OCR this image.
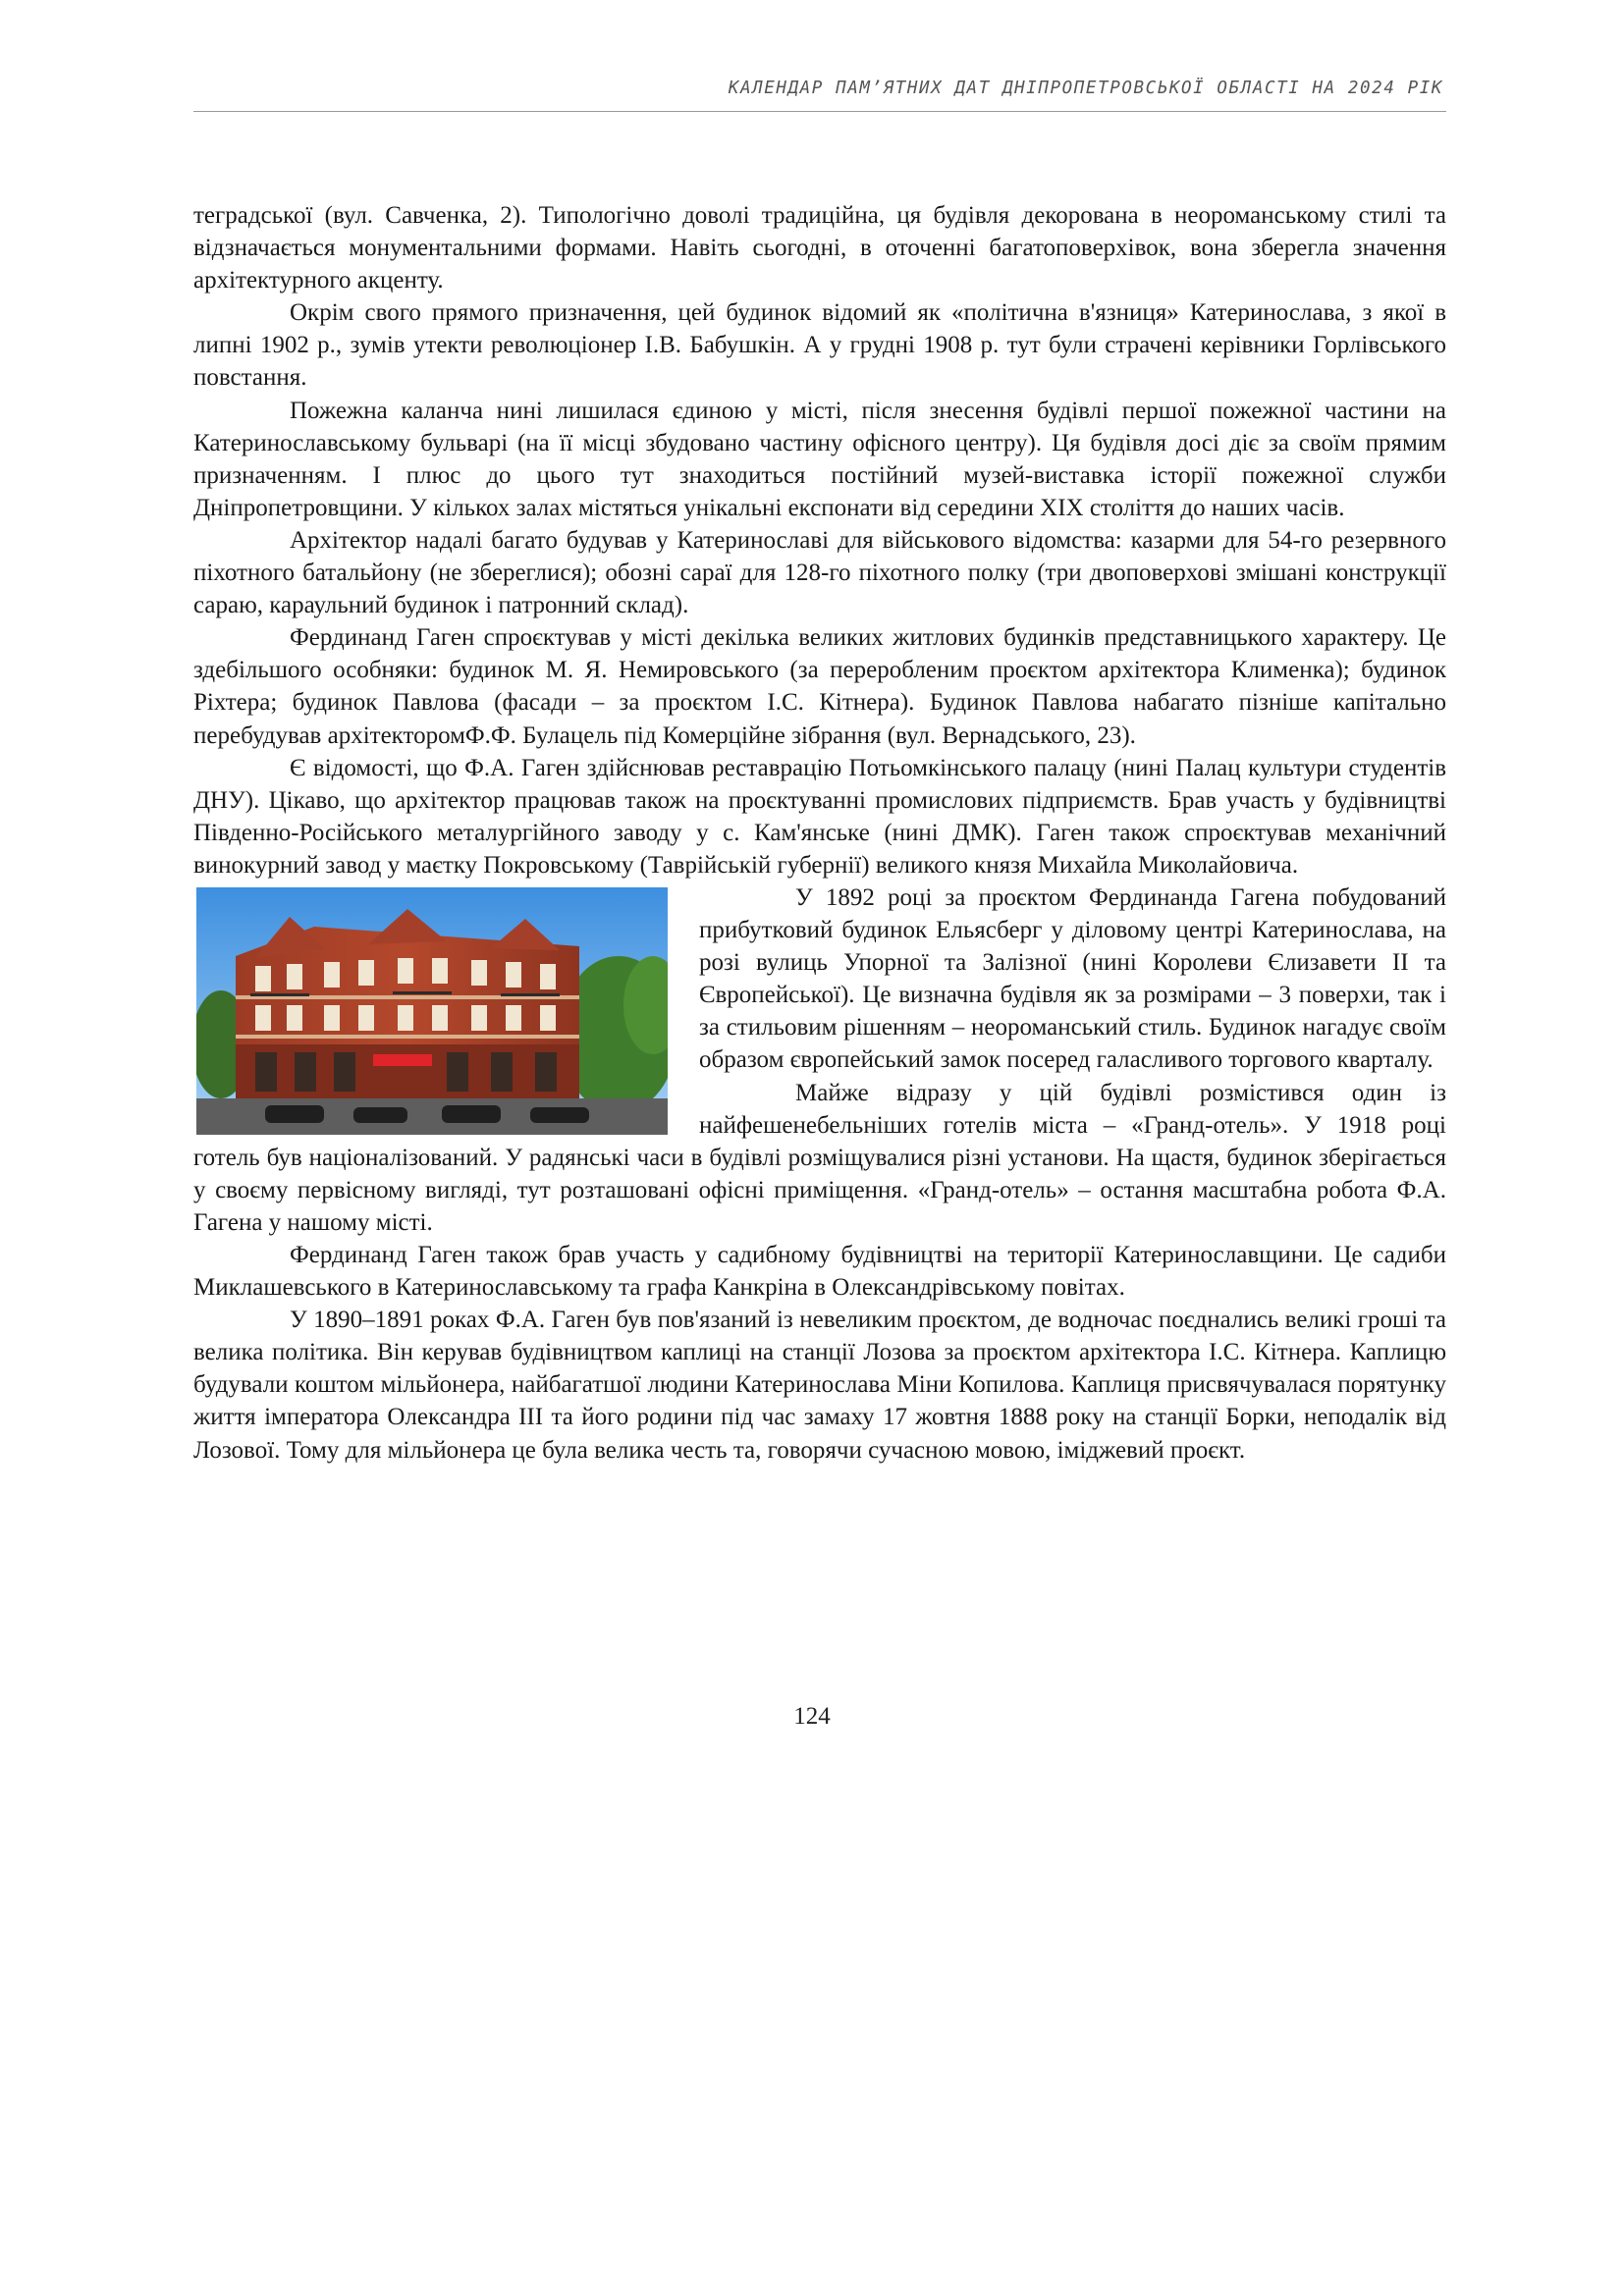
КАЛЕНДАР ПАМ’ЯТНИХ ДАТ ДНІПРОПЕТРОВСЬКОЇ ОБЛАСТІ НА 2024 РІК

теградської (вул. Савченка, 2). Типологічно доволі традиційна, ця будівля декорована в неороманському стилі та відзначається монументальними формами. Навіть сьогодні, в оточенні багатоповерхівок, вона зберегла значення архітектурного акценту.

Окрім свого прямого призначення, цей будинок відомий як «політична в'язниця» Катеринослава, з якої в липні 1902 р., зумів утекти революціонер І.В. Бабушкін. А у грудні 1908 р. тут були страчені керівники Горлівського повстання.

Пожежна каланча нині лишилася єдиною у місті, після знесення будівлі першої пожежної частини на Катеринославському бульварі (на її місці збудовано частину офісного центру). Ця будівля досі діє за своїм прямим призначенням. І плюс до цього тут знаходиться постійний музей-виставка історії пожежної служби Дніпропетровщини. У кількох залах містяться унікальні експонати від середини XIX століття до наших часів.

Архітектор надалі багато будував у Катеринославі для військового відомства: казарми для 54-го резервного піхотного батальйону (не збереглися); обозні сараї для 128-го піхотного полку (три двоповерхові змішані конструкції сараю, караульний будинок і патронний склад).

Фердинанд Гаген спроєктував у місті декілька великих житлових будинків представницького характеру. Це здебільшого особняки: будинок М. Я. Немировського (за переробленим проєктом архітектора Клименка); будинок Ріхтера; будинок Павлова (фасади – за проєктом І.С. Кітнера). Будинок Павлова набагато пізніше капітально перебудував архітекторомФ.Ф. Булацель під Комерційне зібрання (вул. Вернадського, 23).

Є відомості, що Ф.А. Гаген здійснював реставрацію Потьомкінського палацу (нині Палац культури студентів ДНУ). Цікаво, що архітектор працював також на проєктуванні промислових підприємств. Брав участь у будівництві Південно-Російського металургійного заводу у с. Кам'янське (нині ДМК). Гаген також спроєктував механічний винокурний завод у маєтку Покровському (Таврійській губернії) великого князя Михайла Миколайовича.

У 1892 році за проєктом Фердинанда Гагена побудований прибутковий будинок Ельясберг у діловому центрі Катеринослава, на розі вулиць Упорної та Залізної (нині Королеви Єлизавети ІІ та Європейської). Це визначна будівля як за розмірами – 3 поверхи, так і за стильовим рішенням – неороманський стиль. Будинок нагадує своїм образом європейський замок посеред галасливого торгового кварталу.

Майже відразу у цій будівлі розмістився один із найфешенебельніших готелів міста – «Гранд-отель». У 1918 році готель був націоналізований. У радянські часи в будівлі розміщувалися різні установи. На щастя, будинок зберігається у своєму первісному вигляді, тут розташовані офісні приміщення. «Гранд-отель» – остання масштабна робота Ф.А. Гагена у нашому місті.

Фердинанд Гаген також брав участь у садибному будівництві на території Катеринославщини. Це садиби Миклашевського в Катеринославському та графа Канкріна в Олександрівському повітах.

У 1890–1891 роках Ф.А. Гаген був пов'язаний із невеликим проєктом, де водночас поєднались великі гроші та велика політика. Він керував будівництвом каплиці на станції Лозова за проєктом архітектора І.С. Кітнера. Каплицю будували коштом мільйонера, найбагатшої людини Катеринослава Міни Копилова. Каплиця присвячувалася порятунку життя імператора Олександра ІІІ та його родини під час замаху 17 жовтня 1888 року на станції Борки, неподалік від Лозової. Тому для мільйонера це була велика честь та, говорячи сучасною мовою, іміджевий проєкт.

124
